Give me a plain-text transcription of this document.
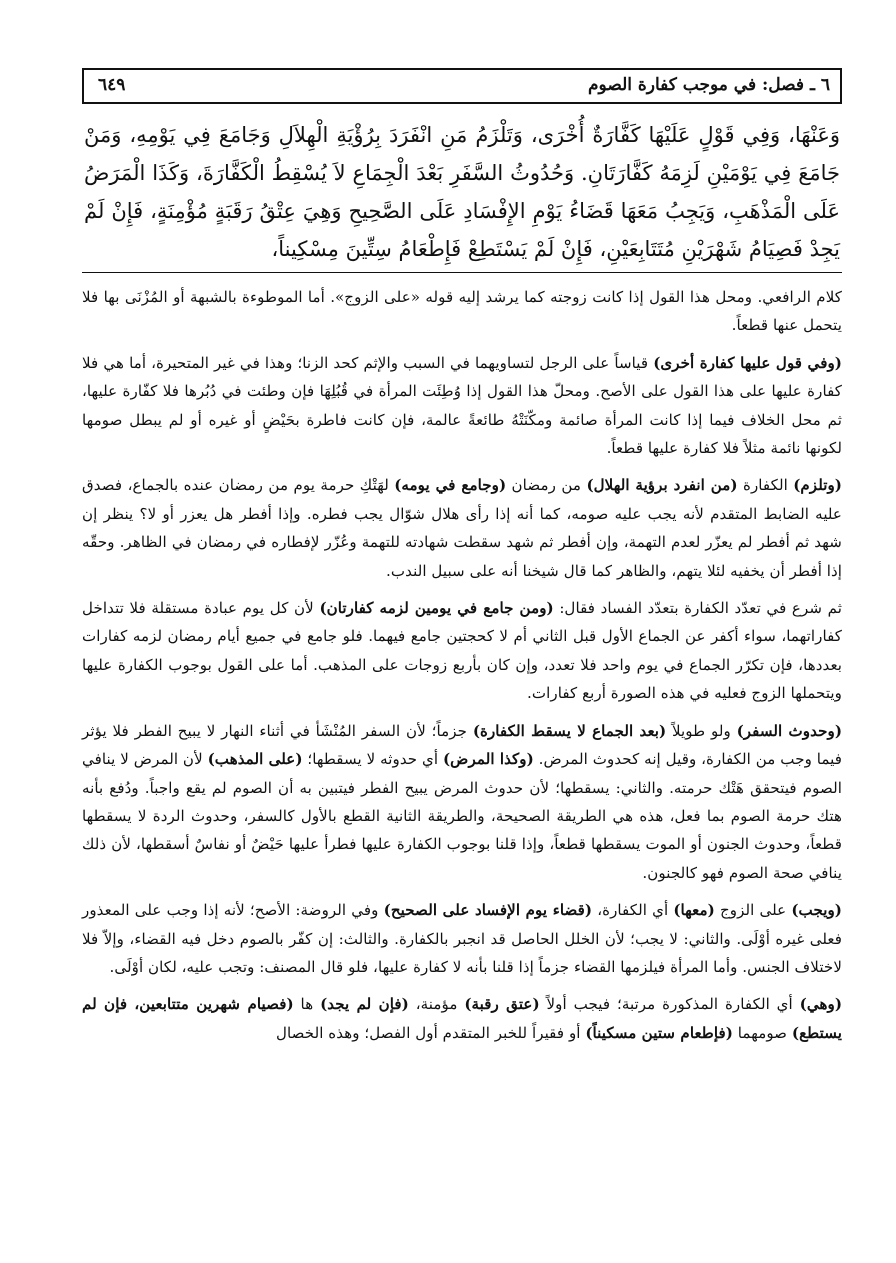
٦ ـ فصل: في موجب كفارة الصوم
٦٤٩
وَعَنْهَا، وَفِي قَوْلٍ عَلَيْهَا كَفَّارَةٌ أُخْرَى، وَتَلْزَمُ مَنِ انْفَرَدَ بِرُؤْيَةِ الْهِلاَلِ وَجَامَعَ فِي يَوْمِهِ، وَمَنْ جَامَعَ فِي يَوْمَيْنِ لَزِمَهُ كَفَّارَتَانِ. وَحُدُوثُ السَّفَرِ بَعْدَ الْجِمَاعِ لاَ يُسْقِطُ الْكَفَّارَةَ، وَكَذَا الْمَرَضُ عَلَى الْمَذْهَبِ، وَيَجِبُ مَعَهَا قَضَاءُ يَوْمِ الإِفْسَادِ عَلَى الصَّحِيحِ وَهِيَ عِتْقُ رَقَبَةٍ مُؤْمِنَةٍ، فَإِنْ لَمْ يَجِدْ فَصِيَامُ شَهْرَيْنِ مُتَتَابِعَيْنِ، فَإِنْ لَمْ يَسْتَطِعْ فَإِطْعَامُ سِتِّينَ مِسْكِيناً،

كلام الرافعي. ومحل هذا القول إذا كانت زوجته كما يرشد إليه قوله «على الزوج». أما الموطوءة بالشبهة أو المُزْنَى بها فلا يتحمل عنها قطعاً.

(وفي قول عليها كفارة أخرى) قياساً على الرجل لتساويهما في السبب والإثم كحد الزنا؛ وهذا في غير المتحيرة، أما هي فلا كفارة عليها على هذا القول على الأصح. ومحلّ هذا القول إذا وُطِئَت المرأة في قُبُلِهَا فإن وطئت في دُبُرها فلا كفّارة عليها، ثم محل الخلاف فيما إذا كانت المرأة صائمة ومكّنَتْهُ طائعةً عالمة، فإن كانت فاطرة بحَيْضٍ أو غيره أو لم يبطل صومها لكونها نائمة مثلاً فلا كفارة عليها قطعاً.

(وتلزم) الكفارة (من انفرد برؤية الهلال) من رمضان (وجامع في يومه) لهَتْكِ حرمة يوم من رمضان عنده بالجماع، فصدق عليه الضابط المتقدم لأنه يجب عليه صومه، كما أنه إذا رأى هلال شوّال يجب فطره. وإذا أفطر هل يعزر أو لا؟ ينظر إن شهد ثم أفطر لم يعزّر لعدم التهمة، وإن أفطر ثم شهد سقطت شهادته للتهمة وعُزّر لإفطاره في رمضان في الظاهر. وحقّه إذا أفطر أن يخفيه لئلا يتهم، والظاهر كما قال شيخنا أنه على سبيل الندب.

ثم شرع في تعدّد الكفارة بتعدّد الفساد فقال: (ومن جامع في يومين لزمه كفارتان) لأن كل يوم عبادة مستقلة فلا تتداخل كفاراتهما، سواء أكفر عن الجماع الأول قبل الثاني أم لا كحجتين جامع فيهما. فلو جامع في جميع أيام رمضان لزمه كفارات بعددها، فإن تكرّر الجماع في يوم واحد فلا تعدد، وإن كان بأربع زوجات على المذهب. أما على القول بوجوب الكفارة عليها ويتحملها الزوج فعليه في هذه الصورة أربع كفارات.

(وحدوث السفر) ولو طويلاً (بعد الجماع لا يسقط الكفارة) جزماً؛ لأن السفر المُنْشَأ في أثناء النهار لا يبيح الفطر فلا يؤثر فيما وجب من الكفارة، وقيل إنه كحدوث المرض. (وكذا المرض) أي حدوثه لا يسقطها؛ (على المذهب) لأن المرض لا ينافي الصوم فيتحقق هَتْك حرمته. والثاني: يسقطها؛ لأن حدوث المرض يبيح الفطر فيتبين به أن الصوم لم يقع واجباً. ودُفع بأنه هتك حرمة الصوم بما فعل، هذه هي الطريقة الصحيحة، والطريقة الثانية القطع بالأول كالسفر، وحدوث الردة لا يسقطها قطعاً، وحدوث الجنون أو الموت يسقطها قطعاً، وإذا قلنا بوجوب الكفارة عليها فطرأ عليها حَيْضٌ أو نفاسٌ أسقطها، لأن ذلك ينافي صحة الصوم فهو كالجنون.

(ويجب) على الزوج (معها) أي الكفارة، (قضاء يوم الإفساد على الصحيح) وفي الروضة: الأصح؛ لأنه إذا وجب على المعذور فعلى غيره أوْلَى. والثاني: لا يجب؛ لأن الخلل الحاصل قد انجبر بالكفارة. والثالث: إن كفّر بالصوم دخل فيه القضاء، وإلاّ فلا لاختلاف الجنس. وأما المرأة فيلزمها القضاء جزماً إذا قلنا بأنه لا كفارة عليها، فلو قال المصنف: وتجب عليه، لكان أوْلَى.

(وهي) أي الكفارة المذكورة مرتبة؛ فيجب أولاً (عتق رقبة) مؤمنة، (فإن لم يجد) ها (فصيام شهرين متتابعين، فإن لم يستطع) صومهما (فإطعام ستين مسكيناً) أو فقيراً للخبر المتقدم أول الفصل؛ وهذه الخصال
